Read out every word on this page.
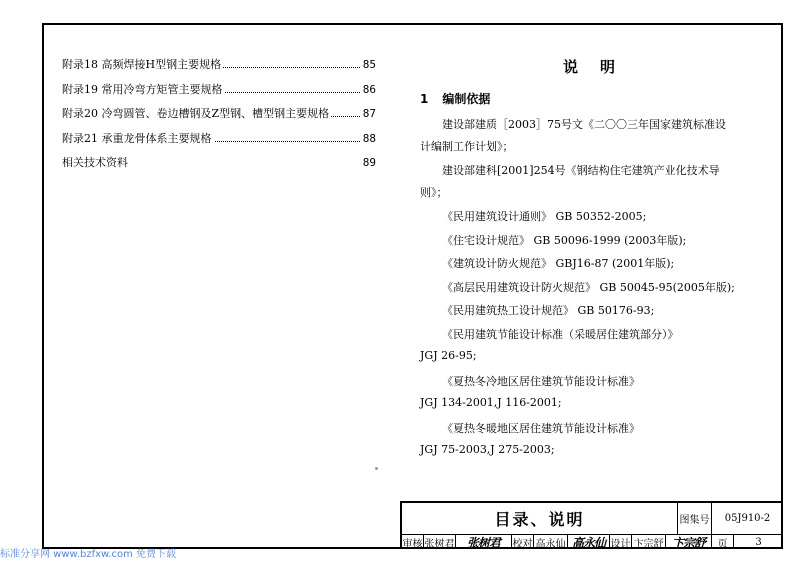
附录18 高频焊接H型钢主要规格	85
附录19 常用冷弯方矩管主要规格	86
附录20 冷弯圆管、卷边槽钢及Z型钢、槽型钢主要规格	87
附录21 承重龙骨体系主要规格	88
相关技术资料	89
说明
1 编制依据
建设部建质［2003］75号文《二〇〇三年国家建筑标准设
计编制工作计划》；
建设部建科[2001]254号《钢结构住宅建筑产业化技术导
则》；
《民用建筑设计通则》 GB 50352-2005;
《住宅设计规范》 GB 50096-1999 (2003年版);
《建筑设计防火规范》 GBJ16-87 (2001年版);
《高层民用建筑设计防火规范》 GB 50045-95(2005年版);
《民用建筑热工设计规范》 GB 50176-93;
《民用建筑节能设计标准（采暖居住建筑部分）》
JGJ 26-95;
《夏热冬冷地区居住建筑节能设计标准》
JGJ 134-2001,J 116-2001;
《夏热冬暖地区居住建筑节能设计标准》
JGJ 75-2003,J 275-2003;
目录、说明	图集号	05J910-2
审核 张树君	张树君	校对 高永仙 高永仙 设计 卞宗舒 卞宗舒	页	3
标准分享网 www.bzfxw.com 免费下载
